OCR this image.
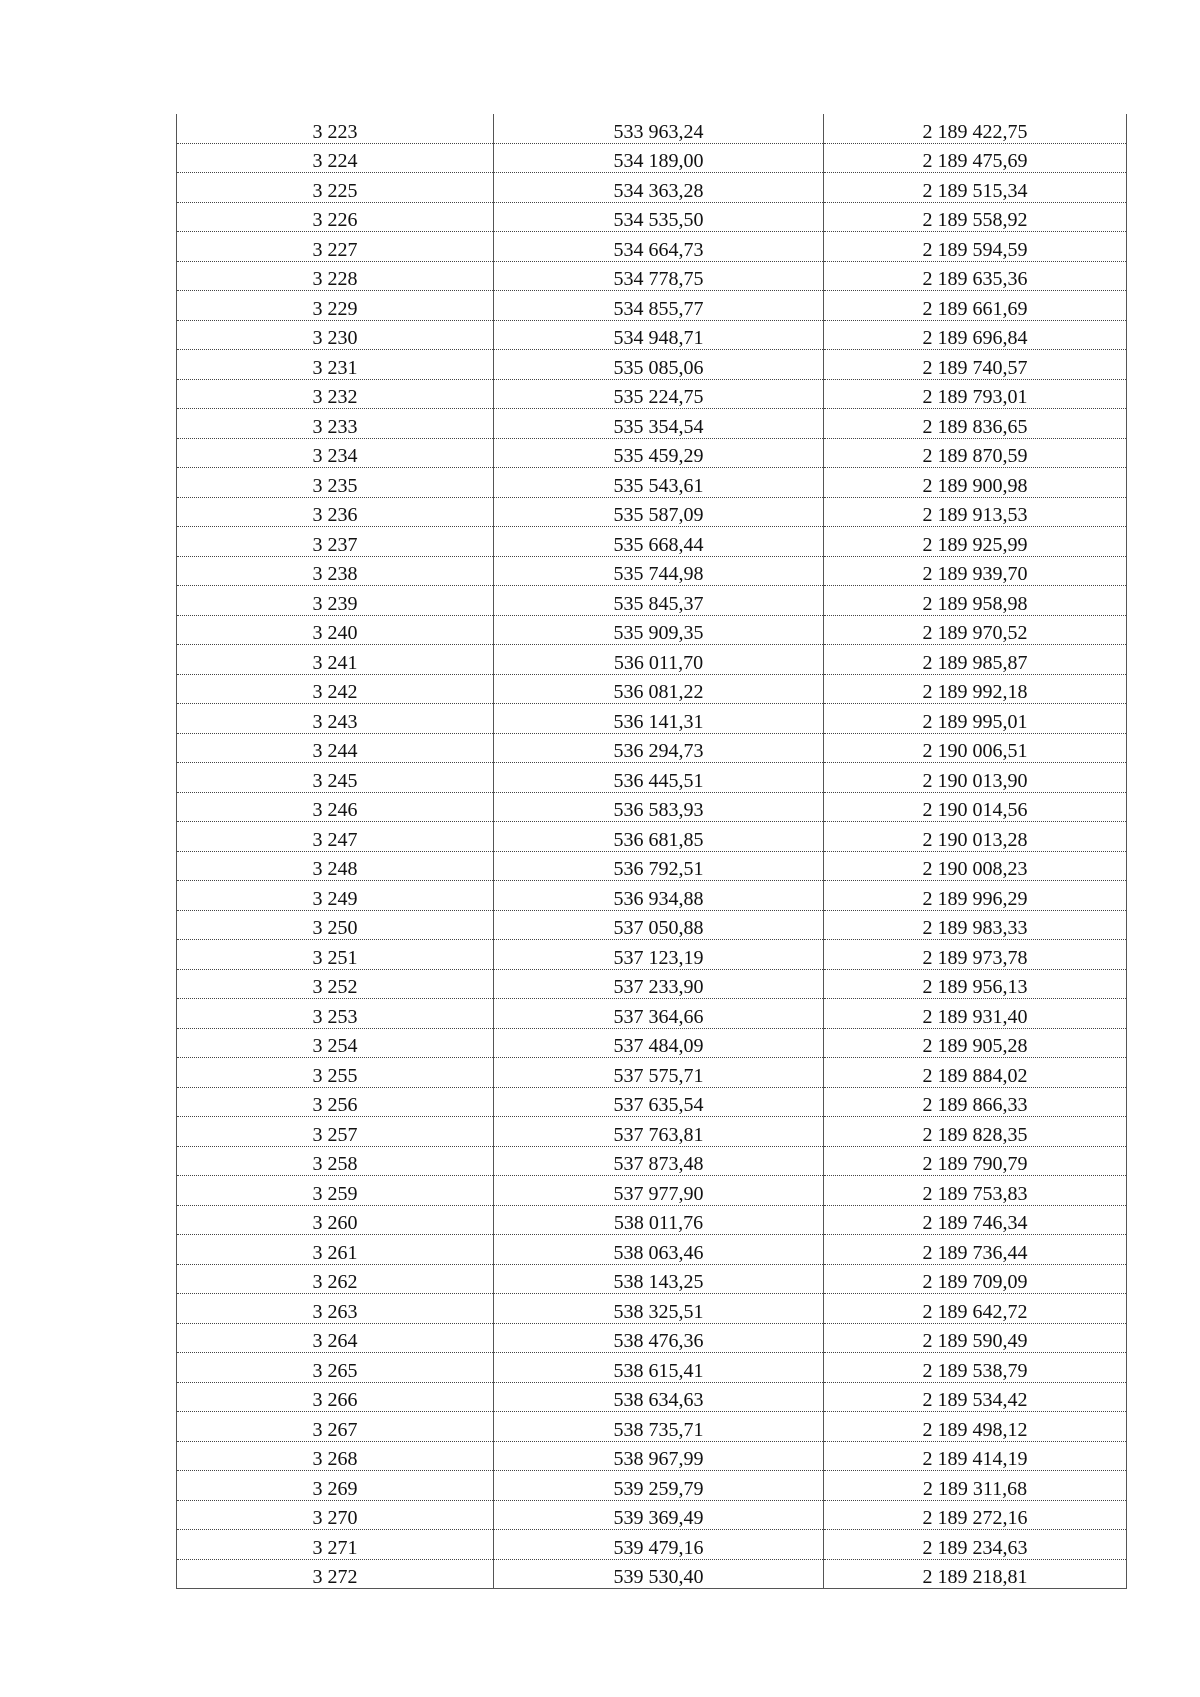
3 223	533 963,24	2 189 422,75
3 224	534 189,00	2 189 475,69
3 225	534 363,28	2 189 515,34
3 226	534 535,50	2 189 558,92
3 227	534 664,73	2 189 594,59
3 228	534 778,75	2 189 635,36
3 229	534 855,77	2 189 661,69
3 230	534 948,71	2 189 696,84
3 231	535 085,06	2 189 740,57
3 232	535 224,75	2 189 793,01
3 233	535 354,54	2 189 836,65
3 234	535 459,29	2 189 870,59
3 235	535 543,61	2 189 900,98
3 236	535 587,09	2 189 913,53
3 237	535 668,44	2 189 925,99
3 238	535 744,98	2 189 939,70
3 239	535 845,37	2 189 958,98
3 240	535 909,35	2 189 970,52
3 241	536 011,70	2 189 985,87
3 242	536 081,22	2 189 992,18
3 243	536 141,31	2 189 995,01
3 244	536 294,73	2 190 006,51
3 245	536 445,51	2 190 013,90
3 246	536 583,93	2 190 014,56
3 247	536 681,85	2 190 013,28
3 248	536 792,51	2 190 008,23
3 249	536 934,88	2 189 996,29
3 250	537 050,88	2 189 983,33
3 251	537 123,19	2 189 973,78
3 252	537 233,90	2 189 956,13
3 253	537 364,66	2 189 931,40
3 254	537 484,09	2 189 905,28
3 255	537 575,71	2 189 884,02
3 256	537 635,54	2 189 866,33
3 257	537 763,81	2 189 828,35
3 258	537 873,48	2 189 790,79
3 259	537 977,90	2 189 753,83
3 260	538 011,76	2 189 746,34
3 261	538 063,46	2 189 736,44
3 262	538 143,25	2 189 709,09
3 263	538 325,51	2 189 642,72
3 264	538 476,36	2 189 590,49
3 265	538 615,41	2 189 538,79
3 266	538 634,63	2 189 534,42
3 267	538 735,71	2 189 498,12
3 268	538 967,99	2 189 414,19
3 269	539 259,79	2 189 311,68
3 270	539 369,49	2 189 272,16
3 271	539 479,16	2 189 234,63
3 272	539 530,40	2 189 218,81
